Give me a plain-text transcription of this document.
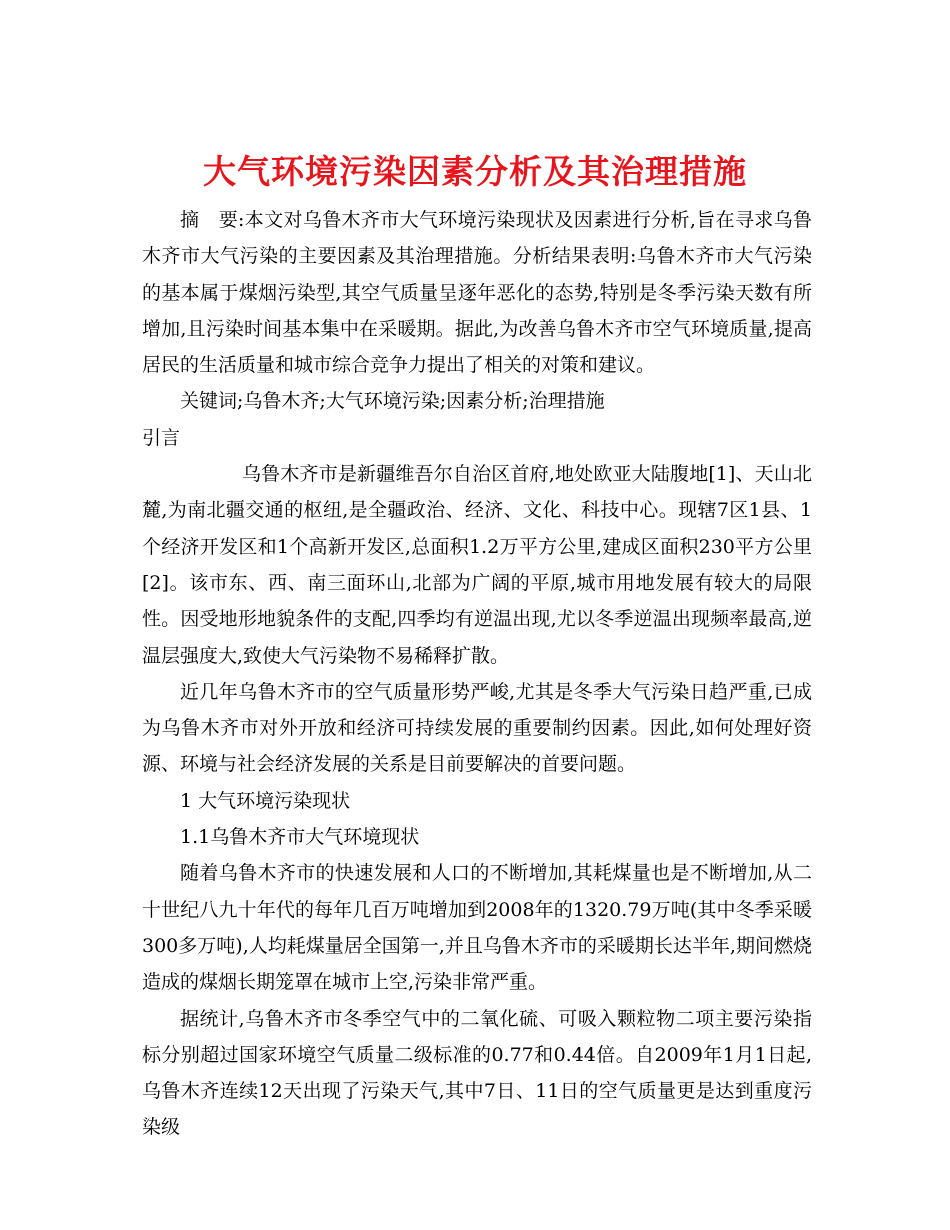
大气环境污染因素分析及其治理措施

摘　要:本文对乌鲁木齐市大气环境污染现状及因素进行分析,旨在寻求乌鲁木齐市大气污染的主要因素及其治理措施。分析结果表明:乌鲁木齐市大气污染的基本属于煤烟污染型,其空气质量呈逐年恶化的态势,特别是冬季污染天数有所增加,且污染时间基本集中在采暖期。据此,为改善乌鲁木齐市空气环境质量,提高居民的生活质量和城市综合竞争力提出了相关的对策和建议。

关键词;乌鲁木齐;大气环境污染;因素分析;治理措施

引言

乌鲁木齐市是新疆维吾尔自治区首府,地处欧亚大陆腹地[1]、天山北麓,为南北疆交通的枢纽,是全疆政治、经济、文化、科技中心。现辖7区1县、1个经济开发区和1个高新开发区,总面积1.2万平方公里,建成区面积230平方公里[2]。该市东、西、南三面环山,北部为广阔的平原,城市用地发展有较大的局限性。因受地形地貌条件的支配,四季均有逆温出现,尤以冬季逆温出现频率最高,逆温层强度大,致使大气污染物不易稀释扩散。

近几年乌鲁木齐市的空气质量形势严峻,尤其是冬季大气污染日趋严重,已成为乌鲁木齐市对外开放和经济可持续发展的重要制约因素。因此,如何处理好资源、环境与社会经济发展的关系是目前要解决的首要问题。

1 大气环境污染现状

1.1乌鲁木齐市大气环境现状

随着乌鲁木齐市的快速发展和人口的不断增加,其耗煤量也是不断增加,从二十世纪八九十年代的每年几百万吨增加到2008年的1320.79万吨(其中冬季采暖300多万吨),人均耗煤量居全国第一,并且乌鲁木齐市的采暖期长达半年,期间燃烧造成的煤烟长期笼罩在城市上空,污染非常严重。

据统计,乌鲁木齐市冬季空气中的二氧化硫、可吸入颗粒物二项主要污染指标分别超过国家环境空气质量二级标准的0.77和0.44倍。自2009年1月1日起,乌鲁木齐连续12天出现了污染天气,其中7日、11日的空气质量更是达到重度污染级
